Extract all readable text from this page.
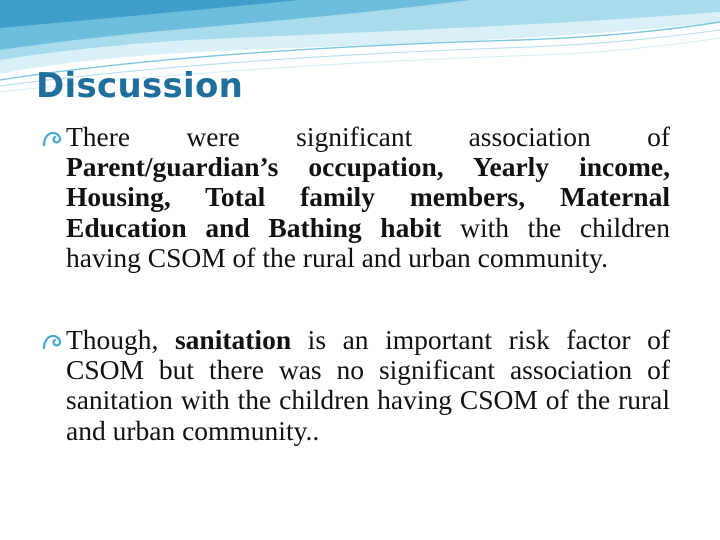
Discussion
There were significant association of Parent/guardian’s occupation, Yearly income, Housing, Total family members, Maternal Education and Bathing habit with the children having CSOM of the rural and urban community.
Though, sanitation is an important risk factor of CSOM but there was no significant association of sanitation with the children having CSOM of the rural and urban community..
